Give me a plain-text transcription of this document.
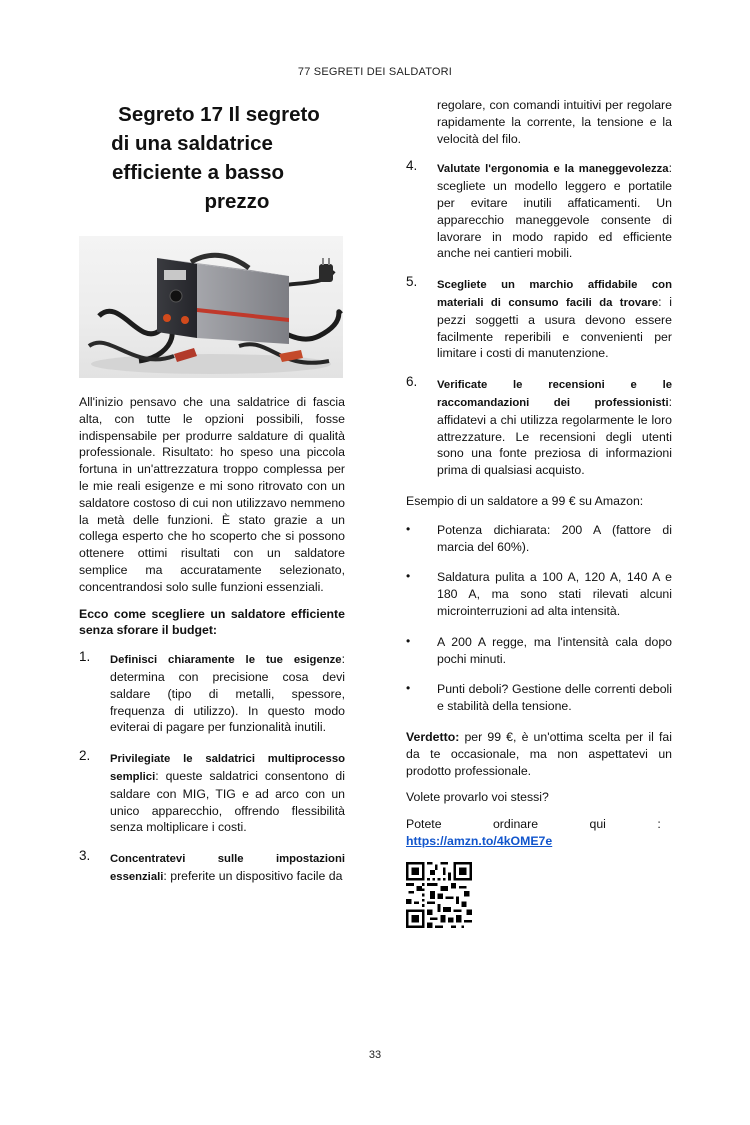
77 SEGRETI DEI SALDATORI
Segreto 17 Il segreto
di una saldatrice
efficiente a basso
prezzo

All'inizio pensavo che una saldatrice di fascia alta, con tutte le opzioni possibili, fosse indispensabile per produrre saldature di qualità professionale. Risultato: ho speso una piccola fortuna in un'attrezzatura troppo complessa per le mie reali esigenze e mi sono ritrovato con un saldatore costoso di cui non utilizzavo nemmeno la metà delle funzioni. È stato grazie a un collega esperto che ho scoperto che si possono ottenere ottimi risultati con un saldatore semplice ma accuratamente selezionato, concentrandosi solo sulle funzioni essenziali.

Ecco come scegliere un saldatore efficiente senza sforare il budget:

1. Definisci chiaramente le tue esigenze: determina con precisione cosa devi saldare (tipo di metalli, spessore, frequenza di utilizzo). In questo modo eviterai di pagare per funzionalità inutili.
2. Privilegiate le saldatrici multiprocesso semplici: queste saldatrici consentono di saldare con MIG, TIG e ad arco con un unico apparecchio, offrendo flessibilità senza moltiplicare i costi.
3. Concentratevi sulle impostazioni essenziali: preferite un dispositivo facile da

regolare, con comandi intuitivi per regolare rapidamente la corrente, la tensione e la velocità del filo.

4. Valutate l'ergonomia e la maneggevolezza: scegliete un modello leggero e portatile per evitare inutili affaticamenti. Un apparecchio maneggevole consente di lavorare in modo rapido ed efficiente anche nei cantieri mobili.
5. Scegliete un marchio affidabile con materiali di consumo facili da trovare: i pezzi soggetti a usura devono essere facilmente reperibili e convenienti per limitare i costi di manutenzione.
6. Verificate le recensioni e le raccomandazioni dei professionisti: affidatevi a chi utilizza regolarmente le loro attrezzature. Le recensioni degli utenti sono una fonte preziosa di informazioni prima di qualsiasi acquisto.

Esempio di un saldatore a 99 € su Amazon:

• Potenza dichiarata: 200 A (fattore di marcia del 60%).
• Saldatura pulita a 100 A, 120 A, 140 A e 180 A, ma sono stati rilevati alcuni microinterruzioni ad alta intensità.
• A 200 A regge, ma l'intensità cala dopo pochi minuti.
• Punti deboli? Gestione delle correnti deboli e stabilità della tensione.

Verdetto: per 99 €, è un'ottima scelta per il fai da te occasionale, ma non aspettatevi un prodotto professionale.

Volete provarlo voi stessi?

Potete ordinare qui :
https://amzn.to/4kOME7e

33
